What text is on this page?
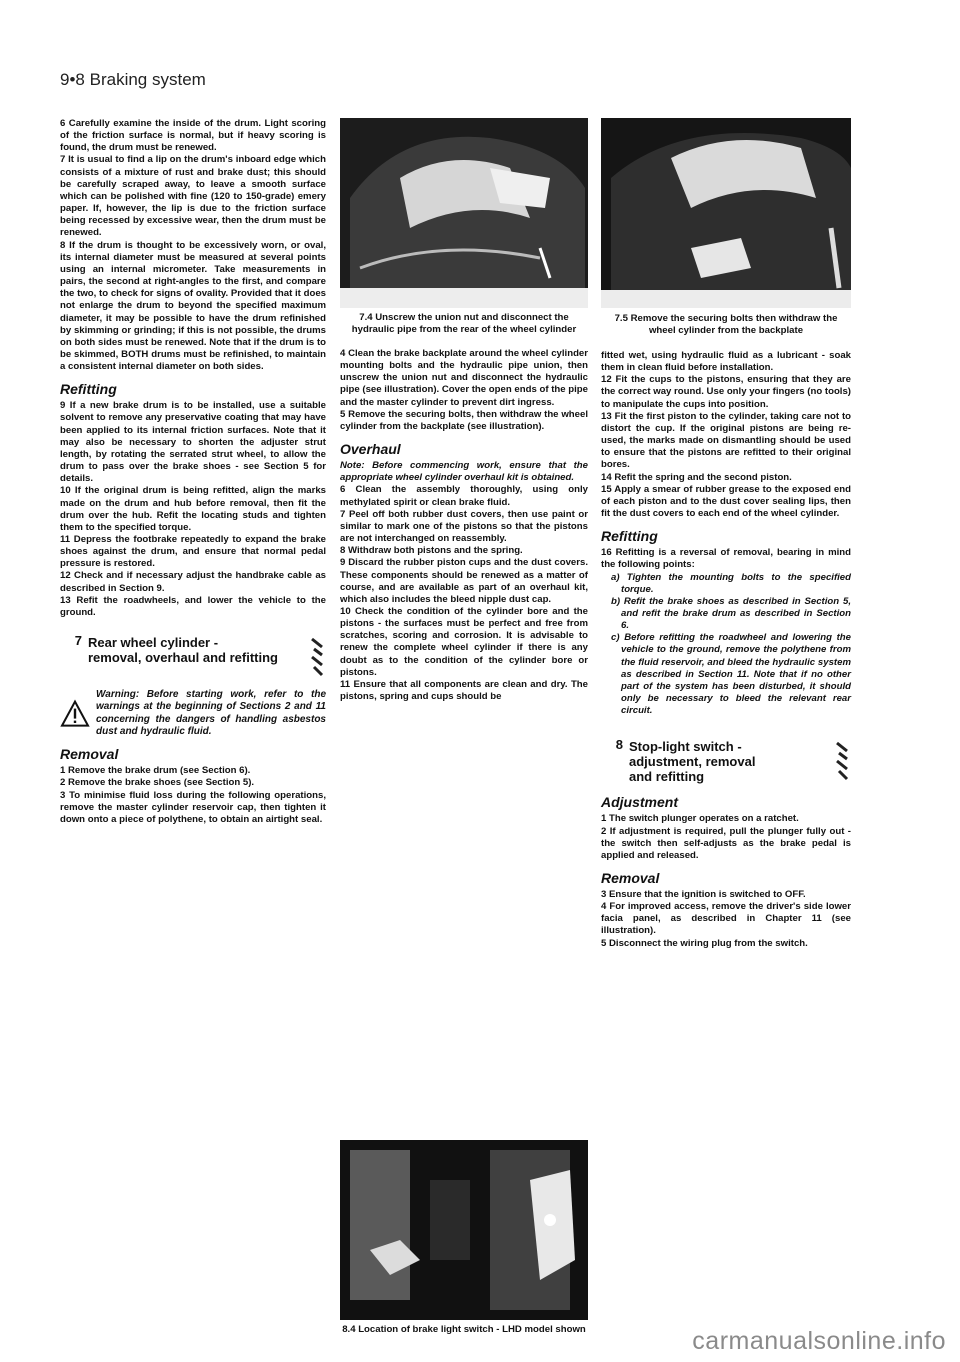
9•8 Braking system

6 Carefully examine the inside of the drum. Light scoring of the friction surface is normal, but if heavy scoring is found, the drum must be renewed.

7 It is usual to find a lip on the drum's inboard edge which consists of a mixture of rust and brake dust; this should be carefully scraped away, to leave a smooth surface which can be polished with fine (120 to 150-grade) emery paper. If, however, the lip is due to the friction surface being recessed by excessive wear, then the drum must be renewed.

8 If the drum is thought to be excessively worn, or oval, its internal diameter must be measured at several points using an internal micrometer. Take measurements in pairs, the second at right-angles to the first, and compare the two, to check for signs of ovality. Provided that it does not enlarge the drum to beyond the specified maximum diameter, it may be possible to have the drum refinished by skimming or grinding; if this is not possible, the drums on both sides must be renewed. Note that if the drum is to be skimmed, BOTH drums must be refinished, to maintain a consistent internal diameter on both sides.

Refitting

9 If a new brake drum is to be installed, use a suitable solvent to remove any preservative coating that may have been applied to its internal friction surfaces. Note that it may also be necessary to shorten the adjuster strut length, by rotating the serrated strut wheel, to allow the drum to pass over the brake shoes - see Section 5 for details.

10 If the original drum is being refitted, align the marks made on the drum and hub before removal, then fit the drum over the hub. Refit the locating studs and tighten them to the specified torque.

11 Depress the footbrake repeatedly to expand the brake shoes against the drum, and ensure that normal pedal pressure is restored.

12 Check and if necessary adjust the handbrake cable as described in Section 9.

13 Refit the roadwheels, and lower the vehicle to the ground.

7 Rear wheel cylinder -
removal, overhaul and refitting
Warning: Before starting work, refer to the warnings at the beginning of Sections 2 and 11 concerning the dangers of handling asbestos dust and hydraulic fluid.
Removal

1 Remove the brake drum (see Section 6).

2 Remove the brake shoes (see Section 5).

3 To minimise fluid loss during the following operations, remove the master cylinder reservoir cap, then tighten it down onto a piece of polythene, to obtain an airtight seal.

7.4 Unscrew the union nut and disconnect the hydraulic pipe from the rear of the wheel cylinder

4 Clean the brake backplate around the wheel cylinder mounting bolts and the hydraulic pipe union, then unscrew the union nut and disconnect the hydraulic pipe (see illustration). Cover the open ends of the pipe and the master cylinder to prevent dirt ingress.

5 Remove the securing bolts, then withdraw the wheel cylinder from the backplate (see illustration).

Overhaul

Note: Before commencing work, ensure that the appropriate wheel cylinder overhaul kit is obtained.

6 Clean the assembly thoroughly, using only methylated spirit or clean brake fluid.

7 Peel off both rubber dust covers, then use paint or similar to mark one of the pistons so that the pistons are not interchanged on reassembly.

8 Withdraw both pistons and the spring.

9 Discard the rubber piston cups and the dust covers. These components should be renewed as a matter of course, and are available as part of an overhaul kit, which also includes the bleed nipple dust cap.

10 Check the condition of the cylinder bore and the pistons - the surfaces must be perfect and free from scratches, scoring and corrosion. It is advisable to renew the complete wheel cylinder if there is any doubt as to the condition of the cylinder bore or pistons.

11 Ensure that all components are clean and dry. The pistons, spring and cups should be

8.4 Location of brake light switch - LHD model shown
7.5 Remove the securing bolts then withdraw the wheel cylinder from the backplate

fitted wet, using hydraulic fluid as a lubricant - soak them in clean fluid before installation.

12 Fit the cups to the pistons, ensuring that they are the correct way round. Use only your fingers (no tools) to manipulate the cups into position.

13 Fit the first piston to the cylinder, taking care not to distort the cup. If the original pistons are being re-used, the marks made on dismantling should be used to ensure that the pistons are refitted to their original bores.

14 Refit the spring and the second piston.

15 Apply a smear of rubber grease to the exposed end of each piston and to the dust cover sealing lips, then fit the dust covers to each end of the wheel cylinder.

Refitting

16 Refitting is a reversal of removal, bearing in mind the following points:

a) Tighten the mounting bolts to the specified torque.

b) Refit the brake shoes as described in Section 5, and refit the brake drum as described in Section 6.

c) Before refitting the roadwheel and lowering the vehicle to the ground, remove the polythene from the fluid reservoir, and bleed the hydraulic system as described in Section 11. Note that if no other part of the system has been disturbed, it should only be necessary to bleed the relevant rear circuit.

8 Stop-light switch -
adjustment, removal
and refitting
Adjustment

1 The switch plunger operates on a ratchet.

2 If adjustment is required, pull the plunger fully out - the switch then self-adjusts as the brake pedal is applied and released.

Removal

3 Ensure that the ignition is switched to OFF.

4 For improved access, remove the driver's side lower facia panel, as described in Chapter 11 (see illustration).

5 Disconnect the wiring plug from the switch.

carmanualsonline.info
